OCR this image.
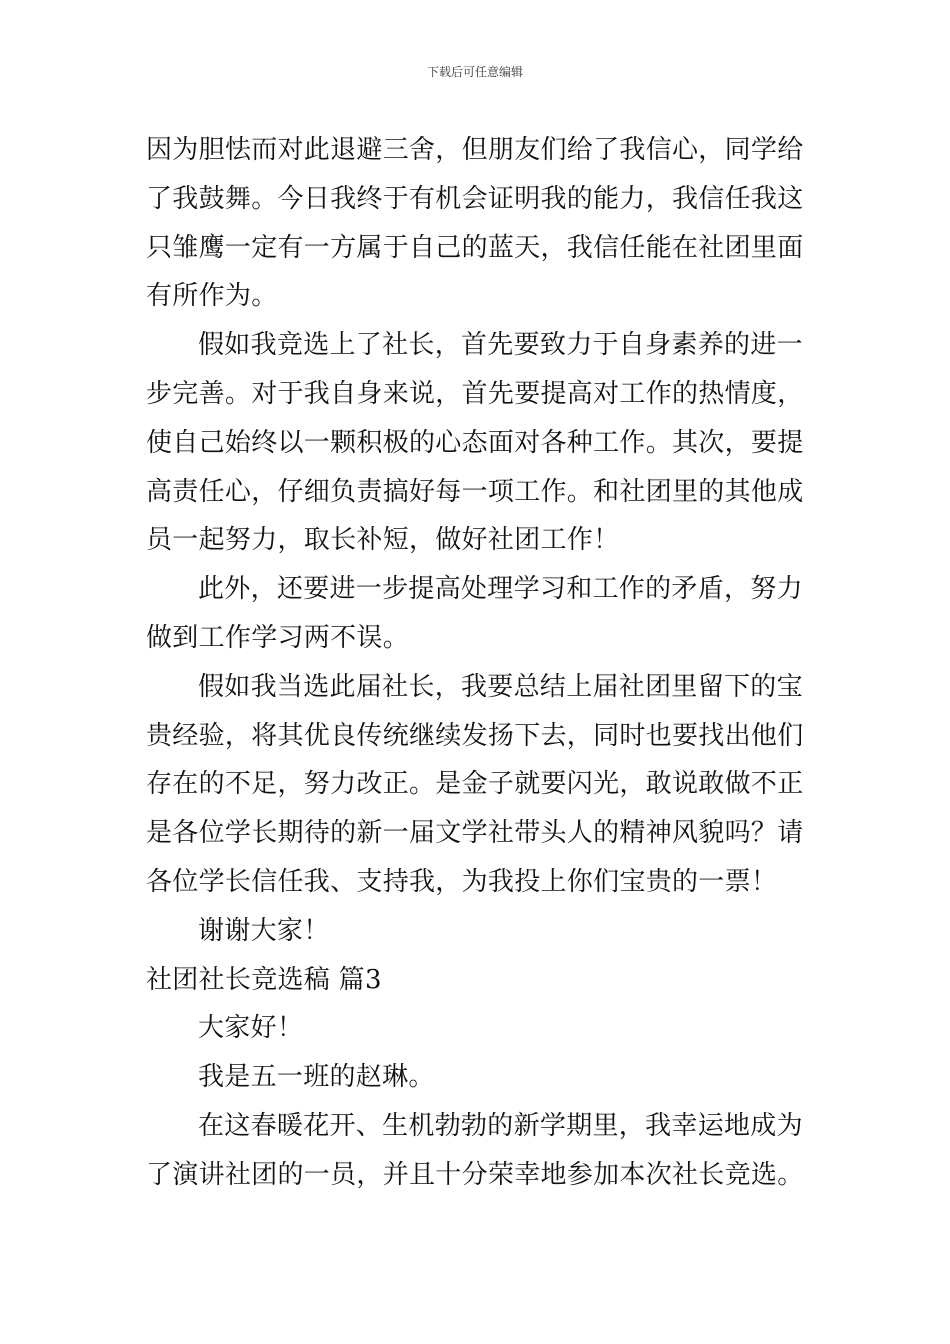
下载后可任意编辑
因为胆怯而对此退避三舍，但朋友们给了我信心，同学给
了我鼓舞。今日我终于有机会证明我的能力，我信任我这
只雏鹰一定有一方属于自己的蓝天，我信任能在社团里面
有所作为。
假如我竞选上了社长，首先要致力于自身素养的进一
步完善。对于我自身来说，首先要提高对工作的热情度，
使自己始终以一颗积极的心态面对各种工作。其次，要提
高责任心，仔细负责搞好每一项工作。和社团里的其他成
员一起努力，取长补短，做好社团工作！
此外，还要进一步提高处理学习和工作的矛盾，努力
做到工作学习两不误。
假如我当选此届社长，我要总结上届社团里留下的宝
贵经验，将其优良传统继续发扬下去，同时也要找出他们
存在的不足，努力改正。是金子就要闪光，敢说敢做不正
是各位学长期待的新一届文学社带头人的精神风貌吗？请
各位学长信任我、支持我，为我投上你们宝贵的一票！
谢谢大家！
社团社长竞选稿 篇3
大家好！
我是五一班的赵琳。
在这春暖花开、生机勃勃的新学期里，我幸运地成为
了演讲社团的一员，并且十分荣幸地参加本次社长竞选。
